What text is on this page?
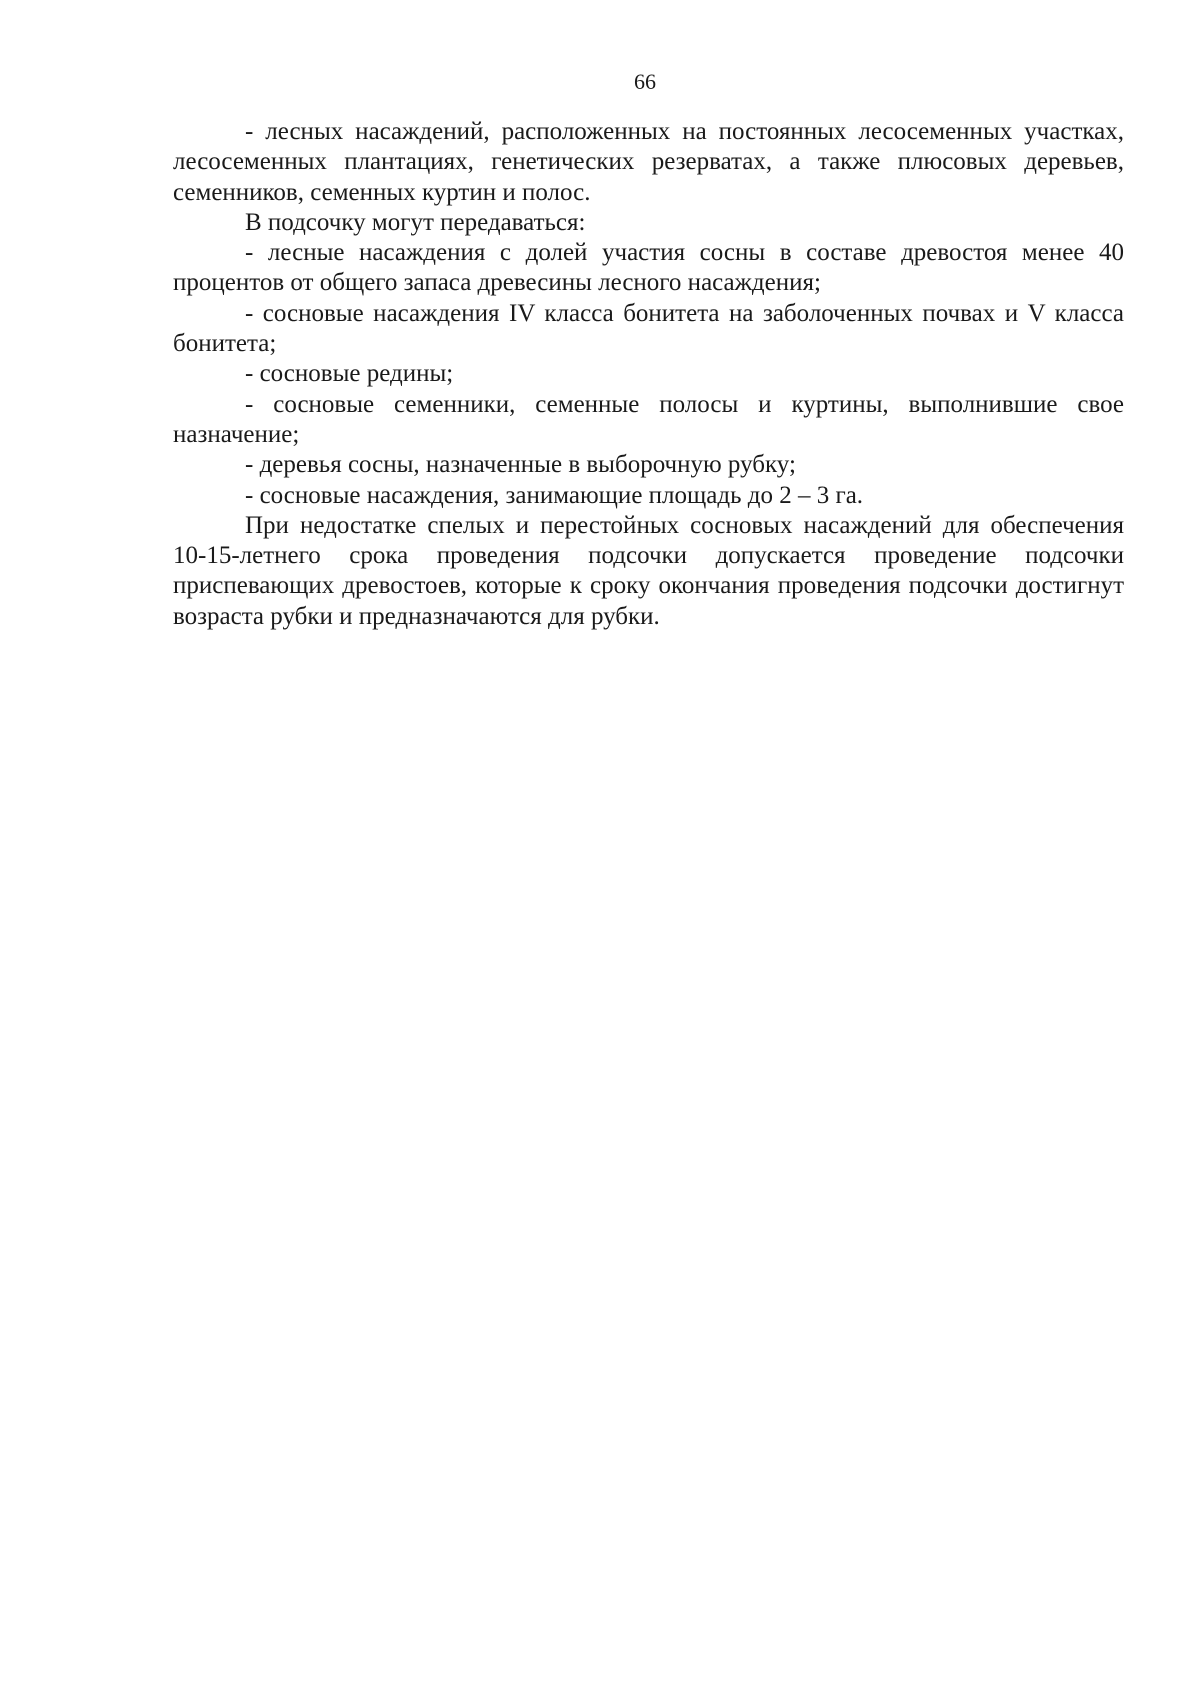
66

- лесных насаждений, расположенных на постоянных лесосеменных участках, лесосеменных плантациях, генетических резерватах, а также плюсовых деревьев, семенников, семенных куртин и полос.

В подсочку могут передаваться:

- лесные насаждения с долей участия сосны в составе древостоя менее 40 процентов от общего запаса древесины лесного насаждения;

- сосновые насаждения IV класса бонитета на заболоченных почвах и V класса бонитета;

- сосновые редины;

- сосновые семенники, семенные полосы и куртины, выполнившие свое назначение;

- деревья сосны, назначенные в выборочную рубку;

- сосновые насаждения, занимающие площадь до 2 – 3 га.

При недостатке спелых и перестойных сосновых насаждений для обеспечения 10-15-летнего срока проведения подсочки допускается проведение подсочки приспевающих древостоев, которые к сроку окончания проведения подсочки достигнут возраста рубки и предназначаются для рубки.
